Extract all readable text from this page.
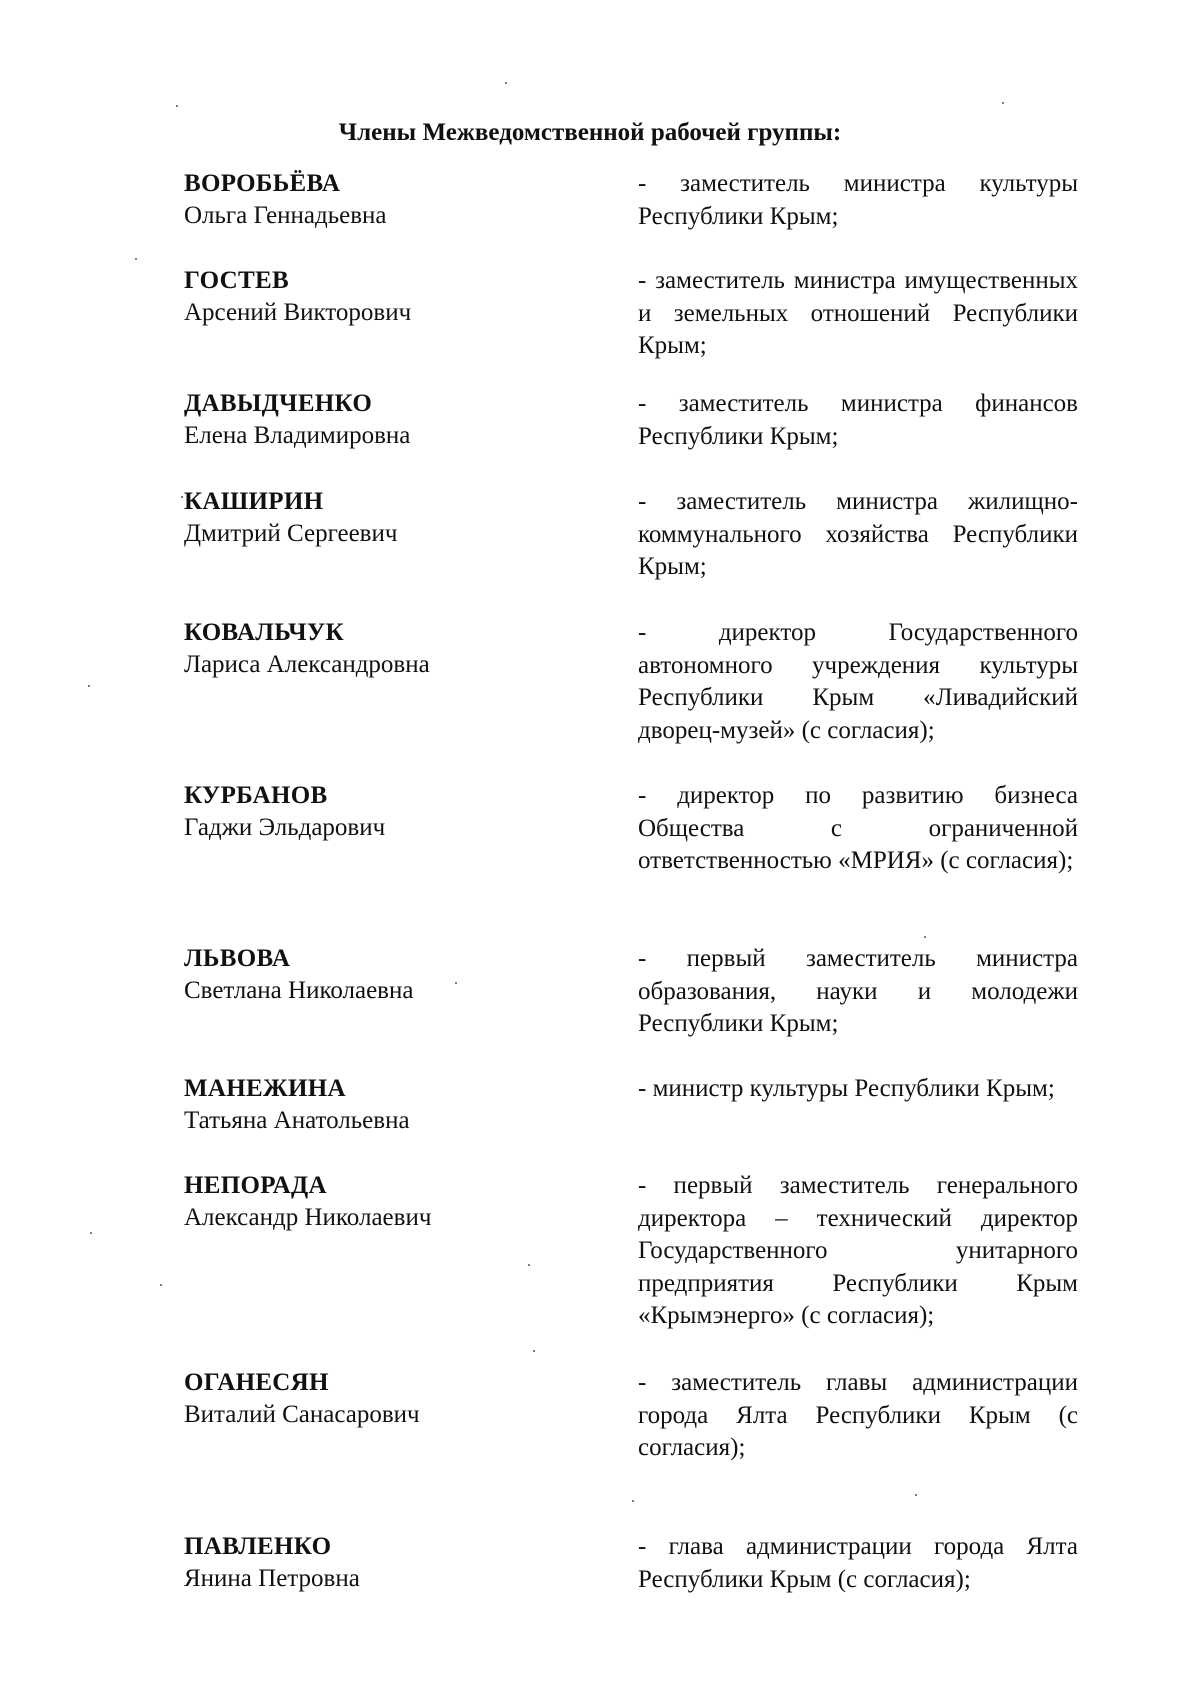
Члены Межведомственной рабочей группы:
ВОРОБЬЁВА
Ольга Геннадьевна
- заместитель министра культуры Республики Крым;
ГОСТЕВ
Арсений Викторович
- заместитель министра имущественных и земельных отношений Республики Крым;
ДАВЫДЧЕНКО
Елена Владимировна
- заместитель министра финансов Республики Крым;
КАШИРИН
Дмитрий Сергеевич
- заместитель министра жилищно-коммунального хозяйства Республики Крым;
КОВАЛЬЧУК
Лариса Александровна
- директор Государственного автономного учреждения культуры Республики Крым «Ливадийский дворец-музей» (с согласия);
КУРБАНОВ
Гаджи Эльдарович
- директор по развитию бизнеса Общества с ограниченной ответственностью «МРИЯ» (с согласия);
ЛЬВОВА
Светлана Николаевна
- первый заместитель министра образования, науки и молодежи Республики Крым;
МАНЕЖИНА
Татьяна Анатольевна
- министр культуры Республики Крым;
НЕПОРАДА
Александр Николаевич
- первый заместитель генерального директора – технический директор Государственного унитарного предприятия Республики Крым «Крымэнерго» (с согласия);
ОГАНЕСЯН
Виталий Санасарович
- заместитель главы администрации города Ялта Республики Крым (с согласия);
ПАВЛЕНКО
Янина Петровна
- глава администрации города Ялта Республики Крым (с согласия);
